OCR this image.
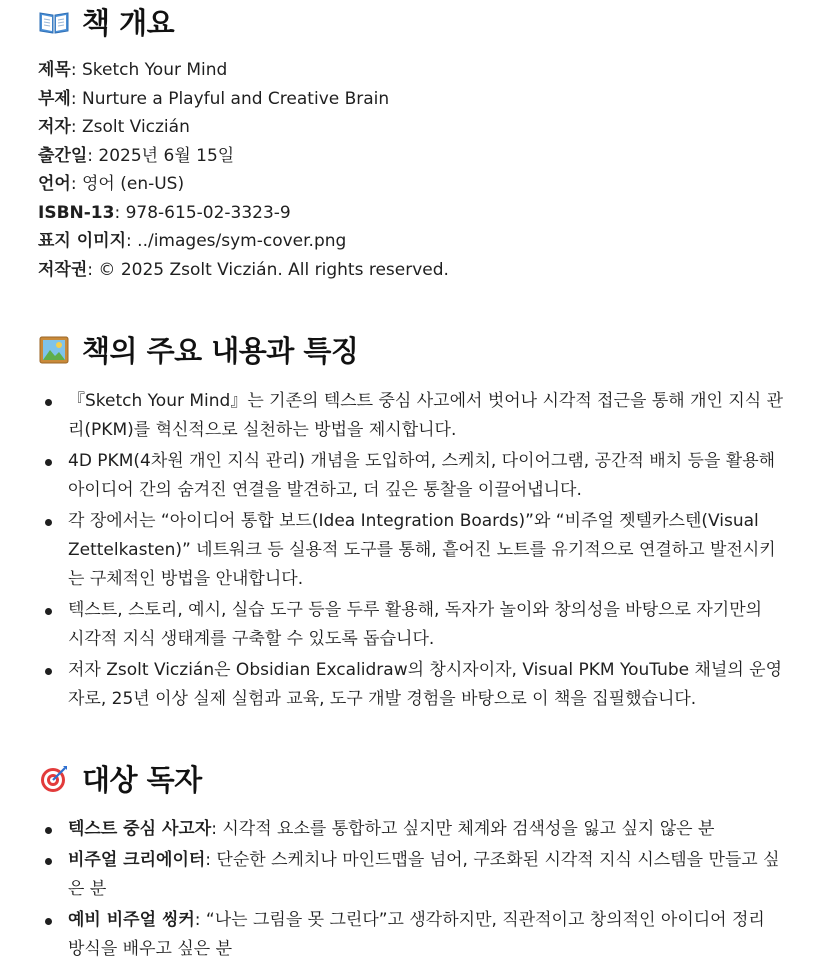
책 개요
제목: Sketch Your Mind
부제: Nurture a Playful and Creative Brain
저자: Zsolt Viczián
출간일: 2025년 6월 15일
언어: 영어 (en-US)
ISBN-13: 978-615-02-3323-9
표지 이미지: ../images/sym-cover.png
저작권: © 2025 Zsolt Viczián. All rights reserved.
책의 주요 내용과 특징
『Sketch Your Mind』는 기존의 텍스트 중심 사고에서 벗어나 시각적 접근을 통해 개인 지식 관리(PKM)를 혁신적으로 실천하는 방법을 제시합니다.
4D PKM(4차원 개인 지식 관리) 개념을 도입하여, 스케치, 다이어그램, 공간적 배치 등을 활용해 아이디어 간의 숨겨진 연결을 발견하고, 더 깊은 통찰을 이끌어냅니다.
각 장에서는 “아이디어 통합 보드(Idea Integration Boards)”와 “비주얼 젯텔카스텐(Visual Zettelkasten)” 네트워크 등 실용적 도구를 통해, 흩어진 노트를 유기적으로 연결하고 발전시키는 구체적인 방법을 안내합니다.
텍스트, 스토리, 예시, 실습 도구 등을 두루 활용해, 독자가 놀이와 창의성을 바탕으로 자기만의 시각적 지식 생태계를 구축할 수 있도록 돕습니다.
저자 Zsolt Viczián은 Obsidian Excalidraw의 창시자이자, Visual PKM YouTube 채널의 운영자로, 25년 이상 실제 실험과 교육, 도구 개발 경험을 바탕으로 이 책을 집필했습니다.
대상 독자
텍스트 중심 사고자: 시각적 요소를 통합하고 싶지만 체계와 검색성을 잃고 싶지 않은 분
비주얼 크리에이터: 단순한 스케치나 마인드맵을 넘어, 구조화된 시각적 지식 시스템을 만들고 싶은 분
예비 비주얼 씽커: “나는 그림을 못 그린다”고 생각하지만, 직관적이고 창의적인 아이디어 정리 방식을 배우고 싶은 분
